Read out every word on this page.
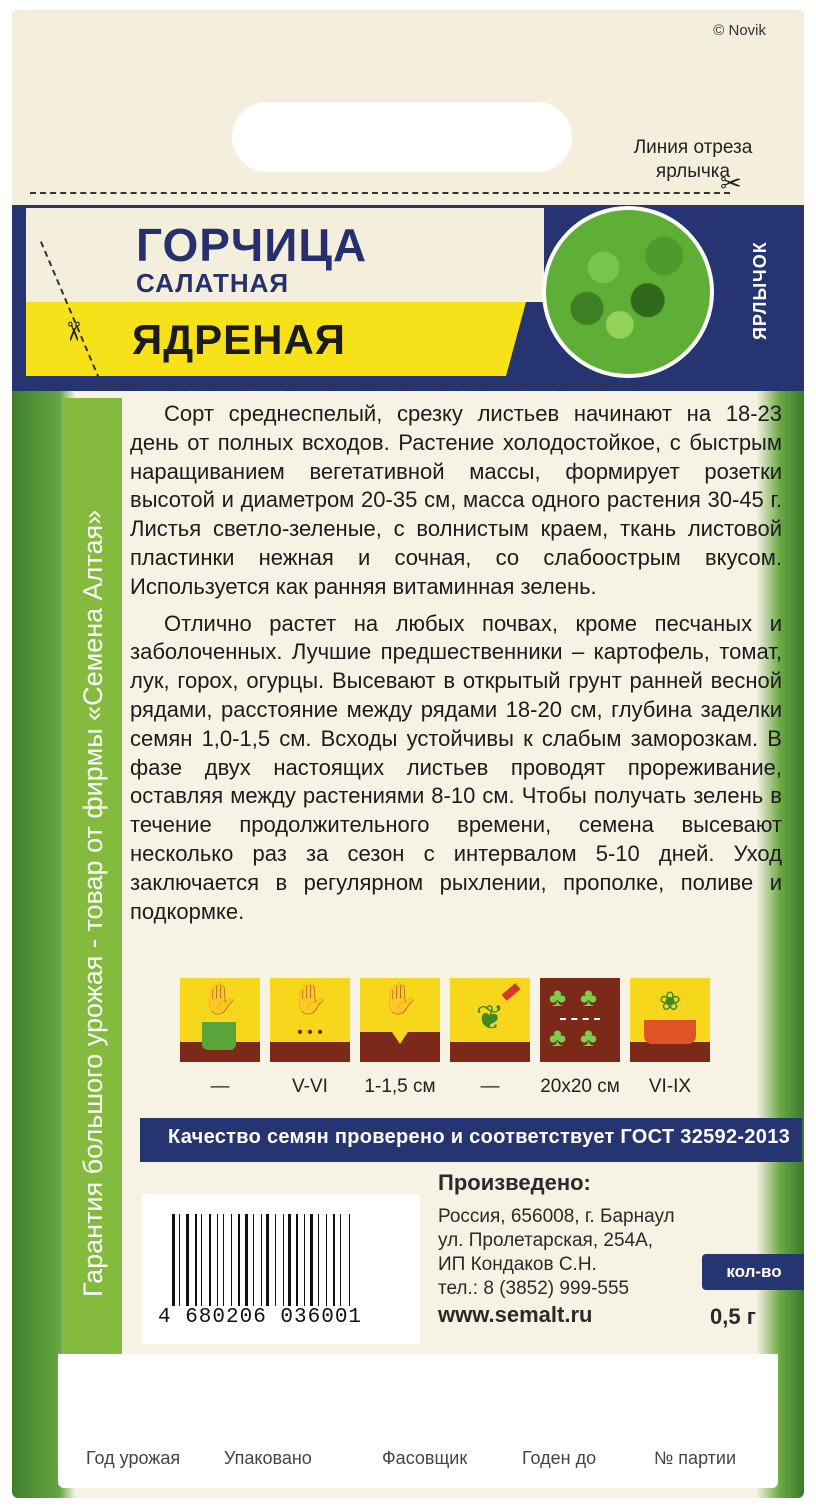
© Novik
Линия отреза ярлычка
✂
ГОРЧИЦА
САЛАТНАЯ
ЯДРЕНАЯ
✂	ЯРЛЫЧОК
Гарантия большого урожая - товар от фирмы «Семена Алтая»

Сорт среднеспелый, срезку листьев начинают на 18-23 день от полных всходов. Растение холодостойкое, с быстрым наращиванием вегетативной массы, формирует розетки высотой и диаметром 20-35 см, масса одного растения 30-45 г. Листья светло-зеленые, с волнистым краем, ткань листовой пластинки нежная и сочная, со слабоострым вкусом. Используется как ранняя витаминная зелень.

Отлично растет на любых почвах, кроме песчаных и заболоченных. Лучшие предшественники – картофель, томат, лук, горох, огурцы. Высевают в открытый грунт ранней весной рядами, расстояние между рядами 18-20 см, глубина заделки семян 1,0-1,5 см. Всходы устойчивы к слабым заморозкам. В фазе двух настоящих листьев проводят прореживание, оставляя между растениями 8-10 см. Чтобы получать зелень в течение продолжительного времени, семена высевают несколько раз за сезон с интервалом 5-10 дней. Уход заключается в регулярном рыхлении, прополке, поливе и подкормке.

✋	✋
• • •
✋	❦
♣♣
♣♣
❀
—	V-VI	1-1,5 см	—	20x20 см	VI-IX
Качество семян проверено и соответствует ГОСТ 32592-2013
4 680206 036001
Произведено:
Россия, 656008, г. Барнаул
ул. Пролетарская, 254А,
ИП Кондаков С.Н.
тел.: 8 (3852) 999-555
www.semalt.ru
кол-во
0,5 г
Год урожая Упаковано	Фасовщик	Годен до	№ партии
